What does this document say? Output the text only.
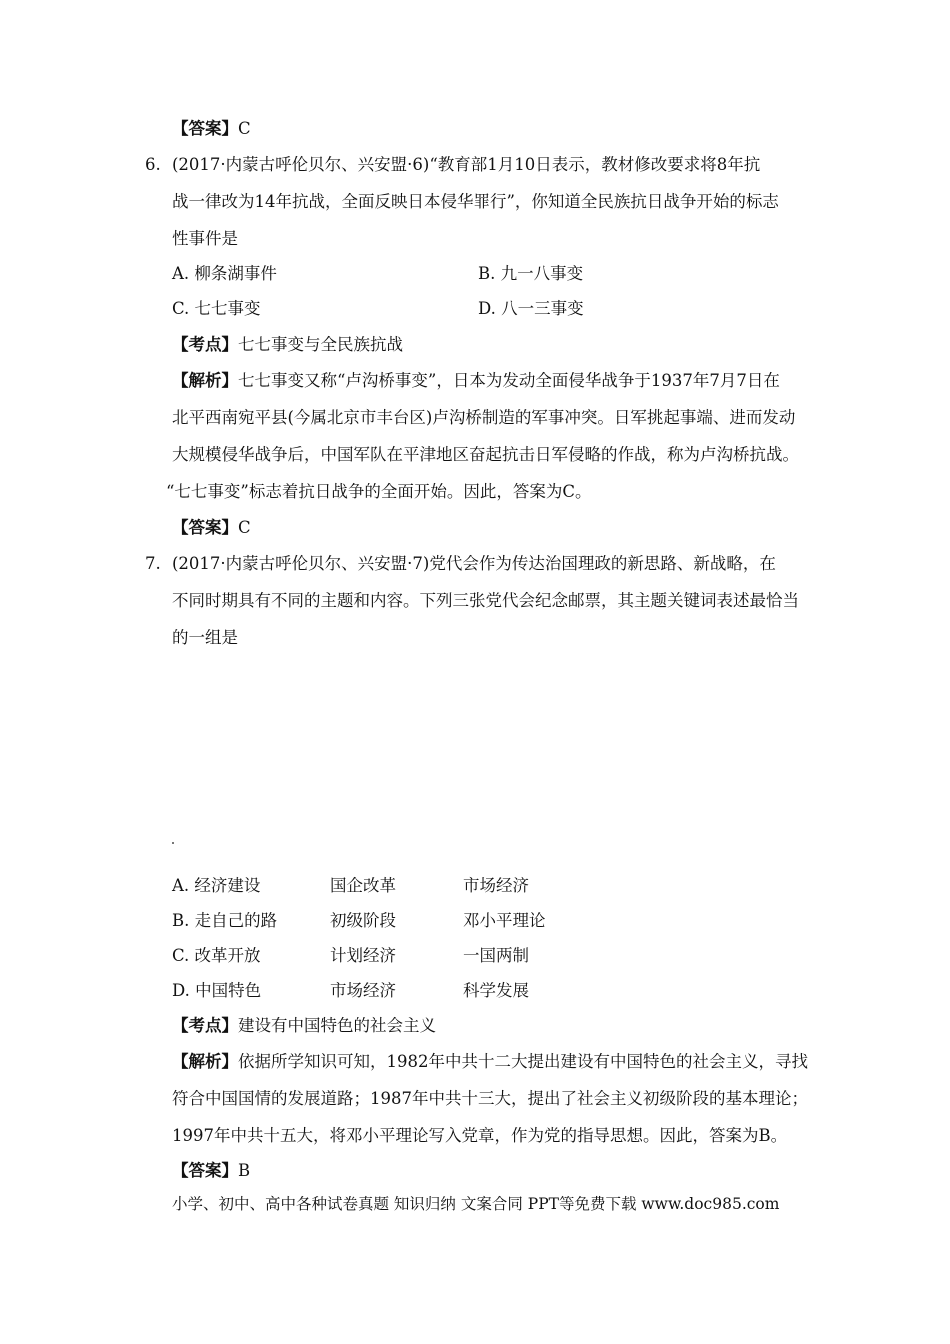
【答案】C
6. (2017·内蒙古呼伦贝尔、兴安盟·6)“教育部1月10日表示，教材修改要求将8年抗
战一律改为14年抗战，全面反映日本侵华罪行”，你知道全民族抗日战争开始的标志
性事件是
A. 柳条湖事件	B. 九一八事变
C. 七七事变	D. 八一三事变
【考点】七七事变与全民族抗战
【解析】七七事变又称“卢沟桥事变”，日本为发动全面侵华战争于1937年7月7日在
北平西南宛平县(今属北京市丰台区)卢沟桥制造的军事冲突。日军挑起事端、进而发动
大规模侵华战争后，中国军队在平津地区奋起抗击日军侵略的作战，称为卢沟桥抗战。
“七七事变”标志着抗日战争的全面开始。因此，答案为C。
【答案】C
7. (2017·内蒙古呼伦贝尔、兴安盟·7)党代会作为传达治国理政的新思路、新战略，在
不同时期具有不同的主题和内容。下列三张党代会纪念邮票，其主题关键词表述最恰当
的一组是
A. 经济建设	国企改革	市场经济
B. 走自己的路	初级阶段	邓小平理论
C. 改革开放	计划经济	一国两制
D. 中国特色	市场经济	科学发展
【考点】建设有中国特色的社会主义
【解析】依据所学知识可知，1982年中共十二大提出建设有中国特色的社会主义，寻找
符合中国国情的发展道路；1987年中共十三大，提出了社会主义初级阶段的基本理论；
1997年中共十五大，将邓小平理论写入党章，作为党的指导思想。因此，答案为B。
【答案】B
小学、初中、高中各种试卷真题 知识归纳 文案合同 PPT等免费下载 www.doc985.com
